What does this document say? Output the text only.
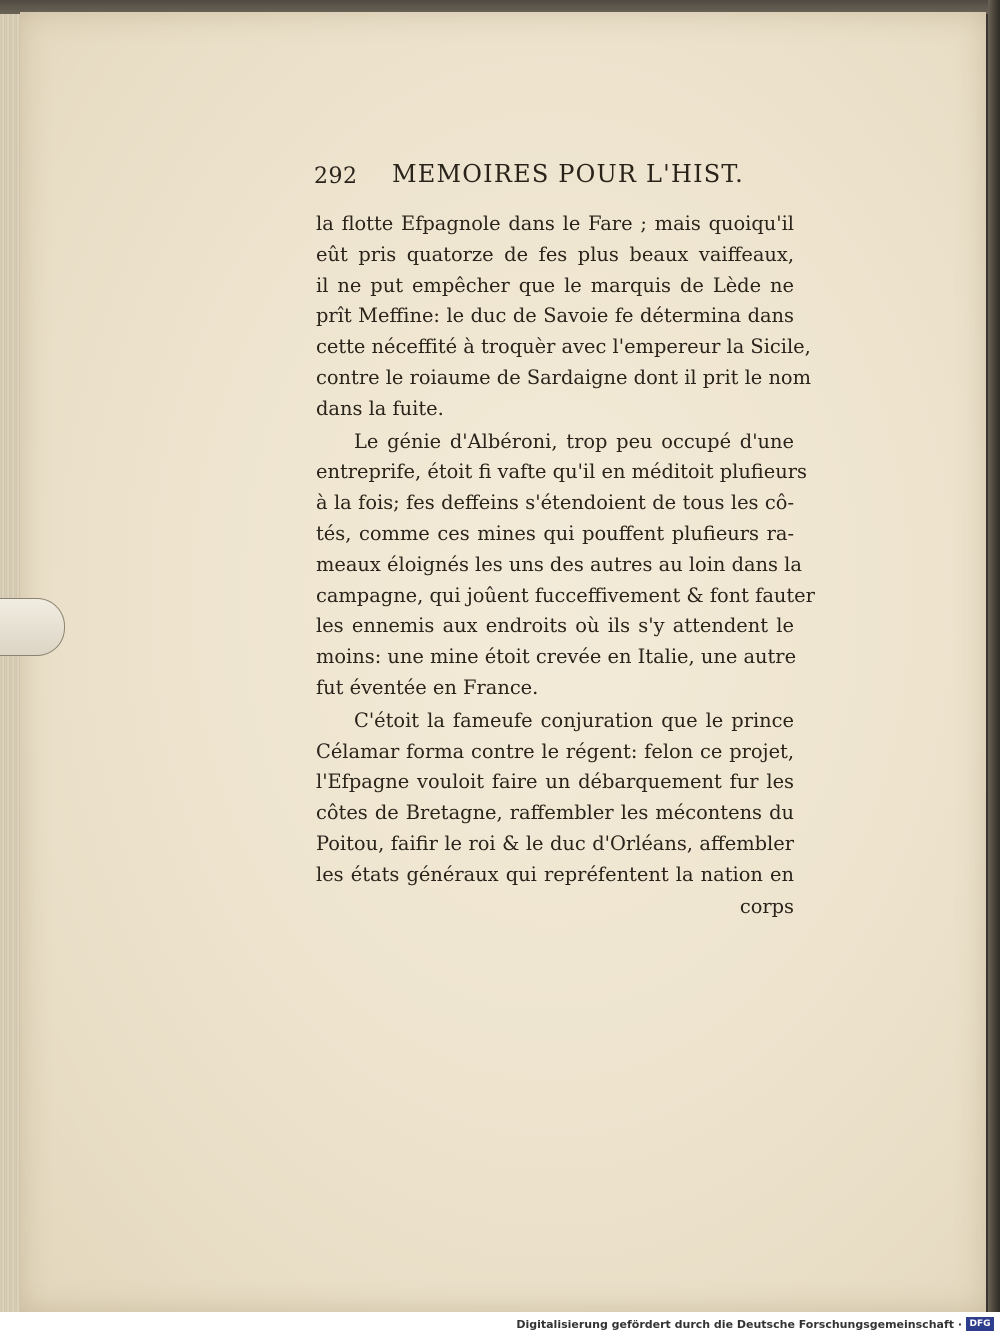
292 MEMOIRES POUR L'HIST.
la flotte Efpagnole dans le Fare ; mais quoiqu'il
eût pris quatorze de fes plus beaux vaiffeaux,
il ne put empêcher que le marquis de Lède ne
prît Meffine: le duc de Savoie fe détermina dans
cette néceffité à troquèr avec l'empereur la Sicile,
contre le roiaume de Sardaigne dont il prit le nom
dans la fuite.
Le génie d'Albéroni, trop peu occupé d'une
entreprife, étoit fi vafte qu'il en méditoit plufieurs
à la fois; fes deffeins s'étendoient de tous les cô-
tés, comme ces mines qui pouffent plufieurs ra-
meaux éloignés les uns des autres au loin dans la
campagne, qui joûent fucceffivement & font fauter
les ennemis aux endroits où ils s'y attendent le
moins: une mine étoit crevée en Italie, une autre
fut éventée en France.
C'étoit la fameufe conjuration que le prince
Célamar forma contre le régent: felon ce projet,
l'Efpagne vouloit faire un débarquement fur les
côtes de Bretagne, raffembler les mécontens du
Poitou, faifir le roi & le duc d'Orléans, affembler
les états généraux qui repréfentent la nation en
corps
Digitalisierung gefördert durch die Deutsche Forschungsgemeinschaft · DFG
